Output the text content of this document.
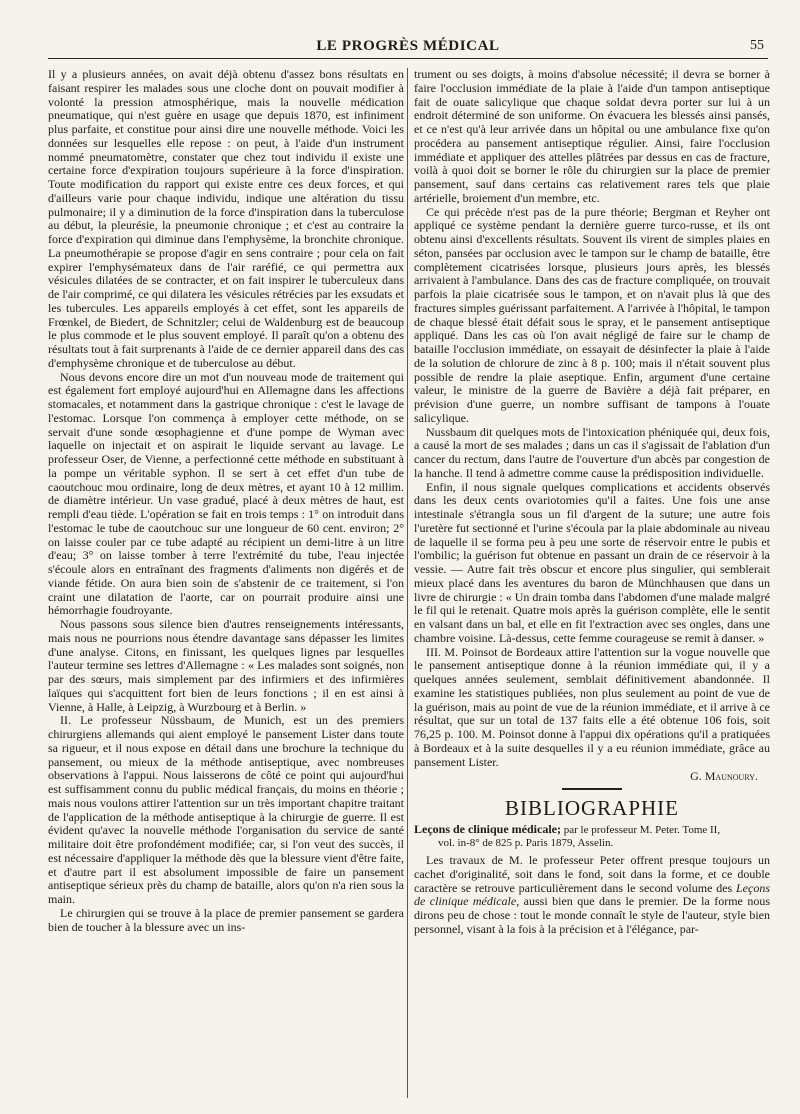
LE PROGRÈS MÉDICAL	55

Il y a plusieurs années, on avait déjà obtenu d'assez bons résultats en faisant respirer les malades sous une cloche dont on pouvait modifier à volonté la pression atmosphérique, mais la nouvelle médication pneumatique, qui n'est guère en usage que depuis 1870, est infiniment plus parfaite, et constitue pour ainsi dire une nouvelle méthode. Voici les données sur lesquelles elle repose : on peut, à l'aide d'un instrument nommé pneumatomètre, constater que chez tout individu il existe une certaine force d'expiration toujours supérieure à la force d'inspiration. Toute modification du rapport qui existe entre ces deux forces, et qui d'ailleurs varie pour chaque individu, indique une altération du tissu pulmonaire; il y a diminution de la force d'inspiration dans la tuberculose au début, la pleurésie, la pneumonie chronique ; et c'est au contraire la force d'expiration qui diminue dans l'emphysème, la bronchite chronique. La pneumothérapie se propose d'agir en sens contraire ; pour cela on fait expirer l'emphysémateux dans de l'air raréfié, ce qui permettra aux vésicules dilatées de se contracter, et on fait inspirer le tuberculeux dans de l'air comprimé, ce qui dilatera les vésicules rétrécies par les exsudats et les tubercules. Les appareils employés à cet effet, sont les appareils de Frœnkel, de Biedert, de Schnitzler; celui de Waldenburg est de beaucoup le plus commode et le plus souvent employé. Il paraît qu'on a obtenu des résultats tout à fait surprenants à l'aide de ce dernier appareil dans des cas d'emphysème chronique et de tuberculose au début.

Nous devons encore dire un mot d'un nouveau mode de traitement qui est également fort employé aujourd'hui en Allemagne dans les affections stomacales, et notamment dans la gastrique chronique : c'est le lavage de l'estomac. Lorsque l'on commença à employer cette méthode, on se servait d'une sonde œsophagienne et d'une pompe de Wyman avec laquelle on injectait et on aspirait le liquide servant au lavage. Le professeur Oser, de Vienne, a perfectionné cette méthode en substituant à la pompe un véritable syphon. Il se sert à cet effet d'un tube de caoutchouc mou ordinaire, long de deux mètres, et ayant 10 à 12 millim. de diamètre intérieur. Un vase gradué, placé à deux mètres de haut, est rempli d'eau tiède. L'opération se fait en trois temps : 1° on introduit dans l'estomac le tube de caoutchouc sur une longueur de 60 cent. environ; 2° on laisse couler par ce tube adapté au récipient un demi-litre à un litre d'eau; 3° on laisse tomber à terre l'extrémité du tube, l'eau injectée s'écoule alors en entraînant des fragments d'aliments non digérés et de viande fétide. On aura bien soin de s'abstenir de ce traitement, si l'on craint une dilatation de l'aorte, car on pourrait produire ainsi une hémorrhagie foudroyante.

Nous passons sous silence bien d'autres renseignements intéressants, mais nous ne pourrions nous étendre davantage sans dépasser les limites d'une analyse. Citons, en finissant, les quelques lignes par lesquelles l'auteur termine ses lettres d'Allemagne : « Les malades sont soignés, non par des sœurs, mais simplement par des infirmiers et des infirmières laïques qui s'acquittent fort bien de leurs fonctions ; il en est ainsi à Vienne, à Halle, à Leipzig, à Wurzbourg et à Berlin. »

II. Le professeur Nüssbaum, de Munich, est un des premiers chirurgiens allemands qui aient employé le pansement Lister dans toute sa rigueur, et il nous expose en détail dans une brochure la technique du pansement, ou mieux de la méthode antiseptique, avec nombreuses observations à l'appui. Nous laisserons de côté ce point qui aujourd'hui est suffisamment connu du public médical français, du moins en théorie ; mais nous voulons attirer l'attention sur un très important chapitre traitant de l'application de la méthode antiseptique à la chirurgie de guerre. Il est évident qu'avec la nouvelle méthode l'organisation du service de santé militaire doit être profondément modifiée; car, si l'on veut des succès, il est nécessaire d'appliquer la méthode dès que la blessure vient d'être faite, et d'autre part il est absolument impossible de faire un pansement antiseptique sérieux près du champ de bataille, alors qu'on n'a rien sous la main.

Le chirurgien qui se trouve à la place de premier pansement se gardera bien de toucher à la blessure avec un ins-

trument ou ses doigts, à moins d'absolue nécessité; il devra se borner à faire l'occlusion immédiate de la plaie à l'aide d'un tampon antiseptique fait de ouate salicylique que chaque soldat devra porter sur lui à un endroit déterminé de son uniforme. On évacuera les blessés ainsi pansés, et ce n'est qu'à leur arrivée dans un hôpital ou une ambulance fixe qu'on procédera au pansement antiseptique régulier. Ainsi, faire l'occlusion immédiate et appliquer des attelles plâtrées par dessus en cas de fracture, voilà à quoi doit se borner le rôle du chirurgien sur la place de premier pansement, sauf dans certains cas relativement rares tels que plaie artérielle, broiement d'un membre, etc.

Ce qui précède n'est pas de la pure théorie; Bergman et Reyher ont appliqué ce système pendant la dernière guerre turco-russe, et ils ont obtenu ainsi d'excellents résultats. Souvent ils virent de simples plaies en séton, pansées par occlusion avec le tampon sur le champ de bataille, être complètement cicatrisées lorsque, plusieurs jours après, les blessés arrivaient à l'ambulance. Dans des cas de fracture compliquée, on trouvait parfois la plaie cicatrisée sous le tampon, et on n'avait plus là que des fractures simples guérissant parfaitement. A l'arrivée à l'hôpital, le tampon de chaque blessé était défait sous le spray, et le pansement antiseptique appliqué. Dans les cas où l'on avait négligé de faire sur le champ de bataille l'occlusion immédiate, on essayait de désinfecter la plaie à l'aide de la solution de chlorure de zinc à 8 p. 100; mais il n'était souvent plus possible de rendre la plaie aseptique. Enfin, argument d'une certaine valeur, le ministre de la guerre de Bavière a déjà fait préparer, en prévision d'une guerre, un nombre suffisant de tampons à l'ouate salicylique.

Nussbaum dit quelques mots de l'intoxication phéniquée qui, deux fois, a causé la mort de ses malades ; dans un cas il s'agissait de l'ablation d'un cancer du rectum, dans l'autre de l'ouverture d'un abcès par congestion de la hanche. Il tend à admettre comme cause la prédisposition individuelle.

Enfin, il nous signale quelques complications et accidents observés dans les deux cents ovariotomies qu'il a faites. Une fois une anse intestinale s'étrangla sous un fil d'argent de la suture; une autre fois l'uretère fut sectionné et l'urine s'écoula par la plaie abdominale au niveau de laquelle il se forma peu à peu une sorte de réservoir entre le pubis et l'ombilic; la guérison fut obtenue en passant un drain de ce réservoir à la vessie. — Autre fait très obscur et encore plus singulier, qui semblerait mieux placé dans les aventures du baron de Münchhausen que dans un livre de chirurgie : « Un drain tomba dans l'abdomen d'une malade malgré le fil qui le retenait. Quatre mois après la guérison complète, elle le sentit en valsant dans un bal, et elle en fit l'extraction avec ses ongles, dans une chambre voisine. Là-dessus, cette femme courageuse se remit à danser. »

III. M. Poinsot de Bordeaux attire l'attention sur la vogue nouvelle que le pansement antiseptique donne à la réunion immédiate qui, il y a quelques années seulement, semblait définitivement abandonnée. Il examine les statistiques publiées, non plus seulement au point de vue de la guérison, mais au point de vue de la réunion immédiate, et il arrive à ce résultat, que sur un total de 137 faits elle a été obtenue 106 fois, soit 76,25 p. 100. M. Poinsot donne à l'appui dix opérations qu'il a pratiquées à Bordeaux et à la suite desquelles il y a eu réunion immédiate, grâce au pansement Lister.

G. Maunoury.
BIBLIOGRAPHIE

Leçons de clinique médicale; par le professeur M. Peter. Tome II,
vol. in-8° de 825 p. Paris 1879, Asselin.

Les travaux de M. le professeur Peter offrent presque toujours un cachet d'originalité, soit dans le fond, soit dans la forme, et ce double caractère se retrouve particulièrement dans le second volume des Leçons de clinique médicale, aussi bien que dans le premier. De la forme nous dirons peu de chose : tout le monde connaît le style de l'auteur, style bien personnel, visant à la fois à la précision et à l'élégance, par-
